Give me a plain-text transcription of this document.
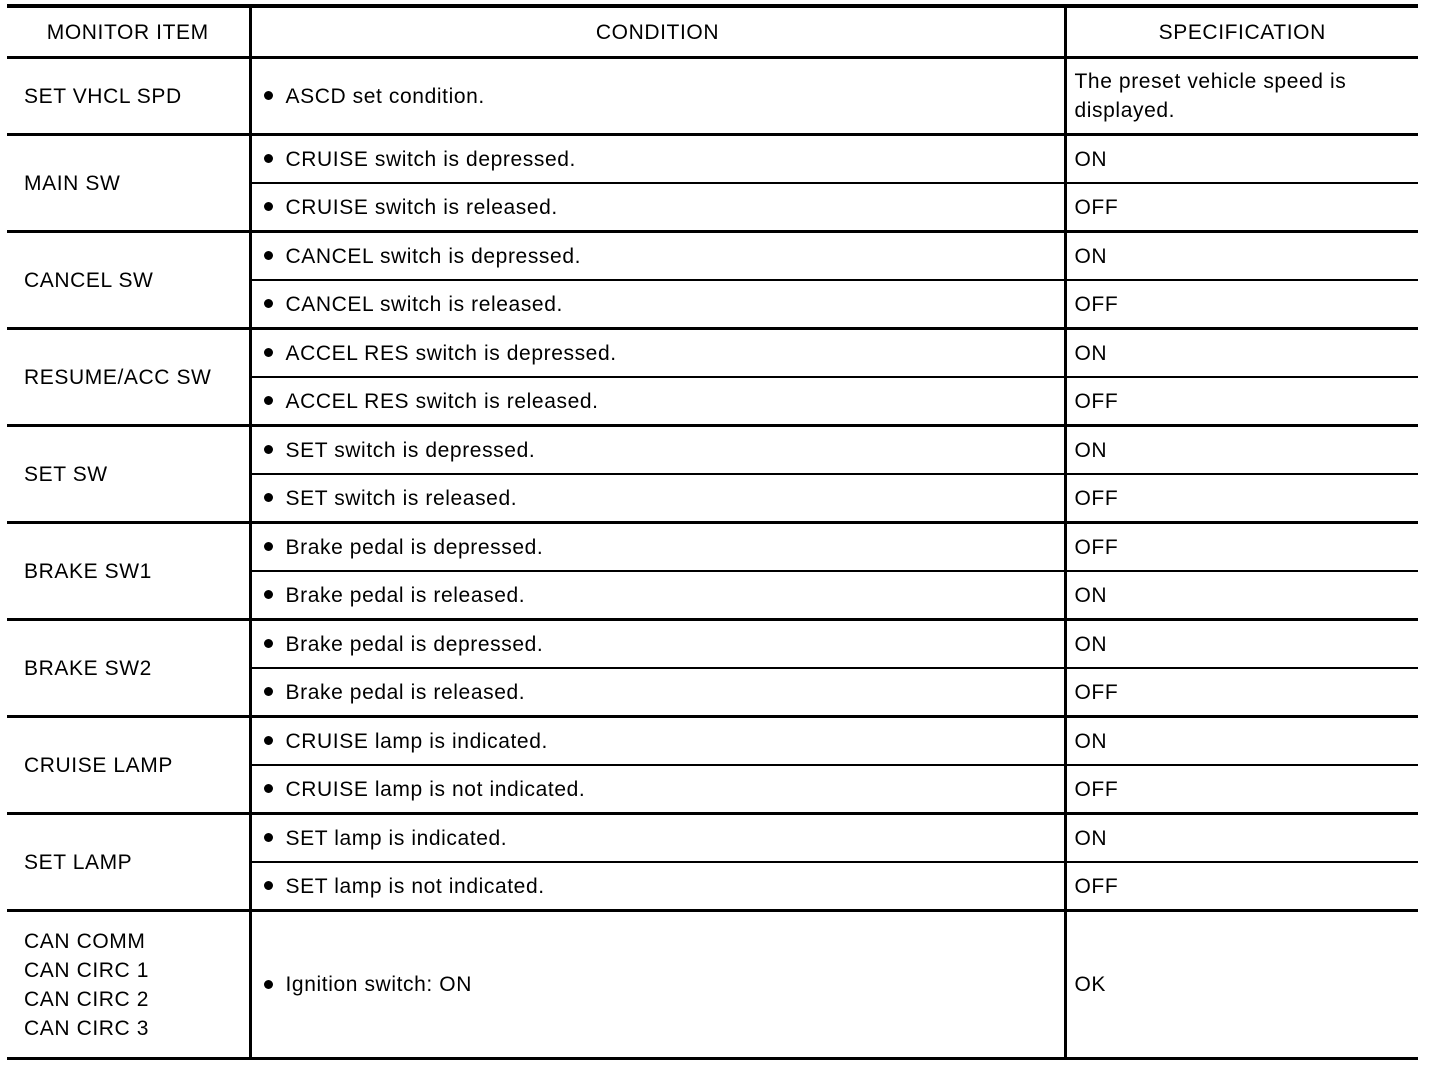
MONITOR ITEM	CONDITION	SPECIFICATION

SET VHCL SPD	ASCD set condition.	The preset vehicle speed is
displayed.

MAIN SW	CRUISE switch is depressed.	ON

	CRUISE switch is released.	OFF

CANCEL SW	CANCEL switch is depressed.	ON

	CANCEL switch is released.	OFF

RESUME/ACC SW	ACCEL RES switch is depressed.	ON

	ACCEL RES switch is released.	OFF

SET SW	SET switch is depressed.	ON

	SET switch is released.	OFF

BRAKE SW1	Brake pedal is depressed.	OFF

	Brake pedal is released.	ON

BRAKE SW2	Brake pedal is depressed.	ON

	Brake pedal is released.	OFF

CRUISE LAMP	CRUISE lamp is indicated.	ON

	CRUISE lamp is not indicated.	OFF

SET LAMP	SET lamp is indicated.	ON

	SET lamp is not indicated.	OFF

CAN COMM
CAN CIRC 1
CAN CIRC 2
CAN CIRC 3	Ignition switch: ON	OK
